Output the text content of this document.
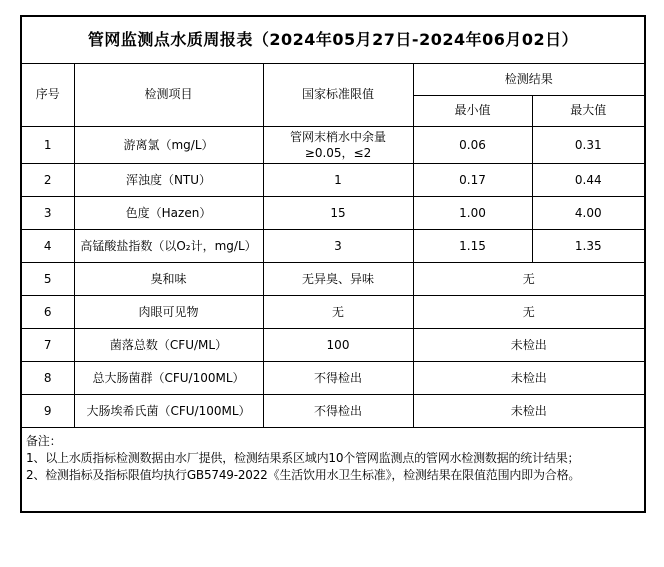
管网监测点水质周报表（2024年05月27日-2024年06月02日）				
序号	检测项目	国家标准限值	检测结果	
			最小值	最大值
1	游离氯（mg/L）	管网末梢水中余量≥0.05，≤2	0.06	0.31
2	浑浊度（NTU）	1	0.17	0.44
3	色度（Hazen）	15	1.00	4.00
4	高锰酸盐指数（以O₂计，mg/L）	3	1.15	1.35
5	臭和味	无异臭、异味	无	
6	肉眼可见物	无	无	
7	菌落总数（CFU/ML）	100	未检出	
8	总大肠菌群（CFU/100ML）	不得检出	未检出	
9	大肠埃希氏菌（CFU/100ML）	不得检出	未检出	

备注：
1、以上水质指标检测数据由水厂提供，检测结果系区域内10个管网监测点的管网水检测数据的统计结果；
2、检测指标及指标限值均执行GB5749-2022《生活饮用水卫生标准》，检测结果在限值范围内即为合格。				
